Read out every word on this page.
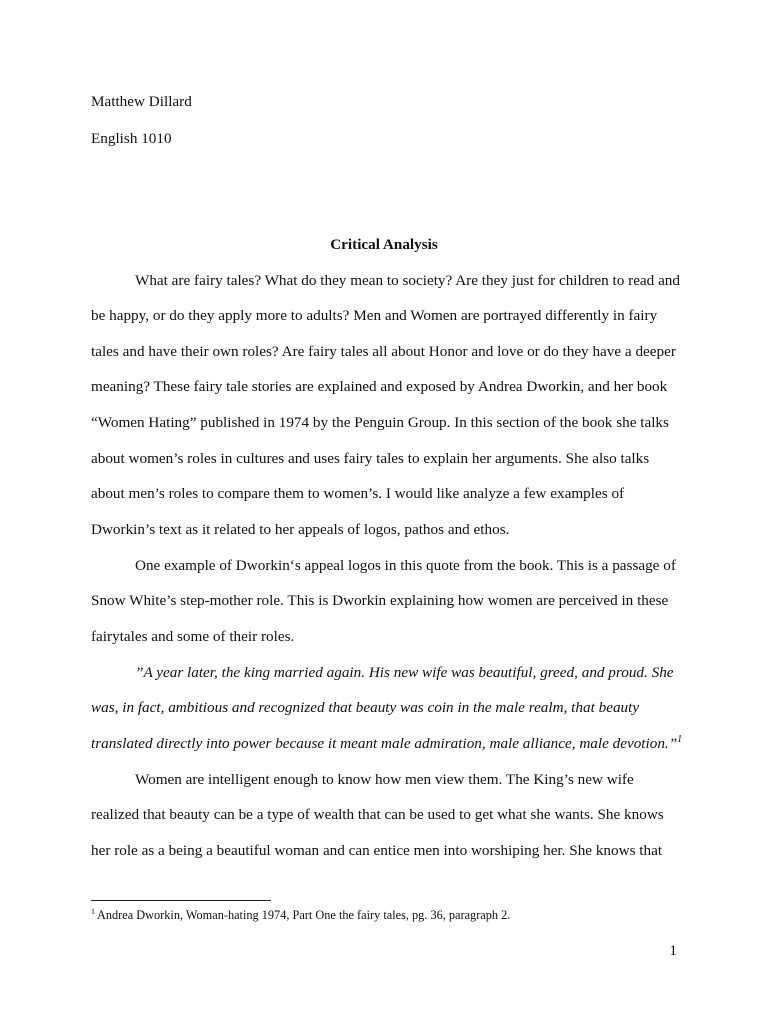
Matthew Dillard

English 1010

Critical Analysis

What are fairy tales? What do they mean to society? Are they just for children to read and

be happy, or do they apply more to adults? Men and Women are portrayed differently in fairy

tales and have their own roles? Are fairy tales all about Honor and love or do they have a deeper

meaning? These fairy tale stories are explained and exposed by Andrea Dworkin, and her book

“Women Hating” published in 1974 by the Penguin Group. In this section of the book she talks

about women’s roles in cultures and uses fairy tales to explain her arguments. She also talks

about men’s roles to compare them to women’s. I would like analyze a few examples of

Dworkin’s text as it related to her appeals of logos, pathos and ethos.

One example of Dworkin‘s appeal logos in this quote from the book. This is a passage of

Snow White’s step-mother role. This is Dworkin explaining how women are perceived in these

fairytales and some of their roles.

”A year later, the king married again. His new wife was beautiful, greed, and proud. She

was, in fact, ambitious and recognized that beauty was coin in the male realm, that beauty

translated directly into power because it meant male admiration, male alliance, male devotion.”$^1$

Women are intelligent enough to know how men view them. The King’s new wife

realized that beauty can be a type of wealth that can be used to get what she wants. She knows

her role as a being a beautiful woman and can entice men into worshiping her. She knows that

$^1$ Andrea Dworkin, Woman-hating 1974, Part One the fairy tales, pg. 36, paragraph 2.

1
